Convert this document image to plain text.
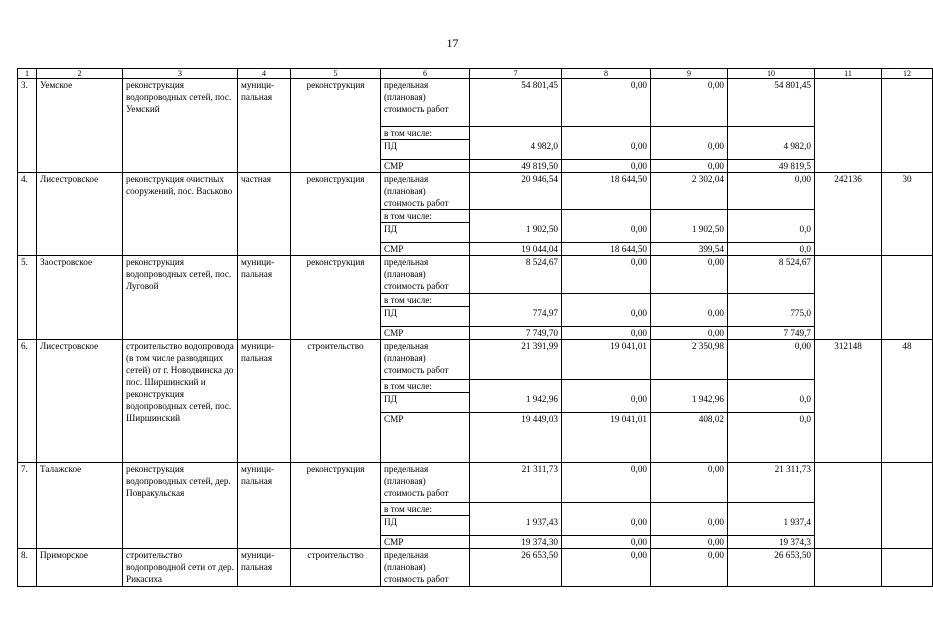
17
1	2	3	4	5	6	7	8	9	10	11	12
3.	Уемское	реконструкция водопроводных сетей, пос. Уемский	муници- пальная	реконструкция	предельная (плановая) стоимость работ	54 801,45	0,00	0,00	54 801,45		
					в том числе:						
					ПД	4 982,0	0,00	0,00	4 982,0		
					СМР	49 819,50	0,00	0,00	49 819,5		
4.	Лисестровское	реконструкция очистных сооружений, пос. Васьково	частная	реконструкция	предельная (плановая) стоимость работ	20 946,54	18 644,50	2 302,04	0,00	242136	30
					в том числе:						
					ПД	1 902,50	0,00	1 902,50	0,0		
					СМР	19 044,04	18 644,50	399,54	0,0		
5.	Заостровское	реконструкция водопроводных сетей, пос. Луговой	муници- пальная	реконструкция	предельная (плановая) стоимость работ	8 524,67	0,00	0,00	8 524,67		
					в том числе:						
					ПД	774,97	0,00	0,00	775,0		
					СМР	7 749,70	0,00	0,00	7 749,7		
6.	Лисестровское	строительство водопровода (в том числе разводящих сетей) от г. Новодвинска до пос. Ширшинский и реконструкция водопроводных сетей, пос. Ширшинский	муници- пальная	строительство	предельная (плановая) стоимость работ	21 391,99	19 041,01	2 350,98	0,00	312148	48
					в том числе:						
					ПД	1 942,96	0,00	1 942,96	0,0		
					СМР	19 449,03	19 041,01	408,02	0,0		
7.	Талажское	реконструкция водопроводных сетей, дер. Повракульская	муници- пальная	реконструкция	предельная (плановая) стоимость работ	21 311,73	0,00	0,00	21 311,73		
					в том числе:						
					ПД	1 937,43	0,00	0,00	1 937,4		
					СМР	19 374,30	0,00	0,00	19 374,3		
8.	Приморское	строительство водопроводной сети от дер. Рикасиха	муници- пальная	строительство	предельная (плановая) стоимость работ	26 653,50	0,00	0,00	26 653,50		
